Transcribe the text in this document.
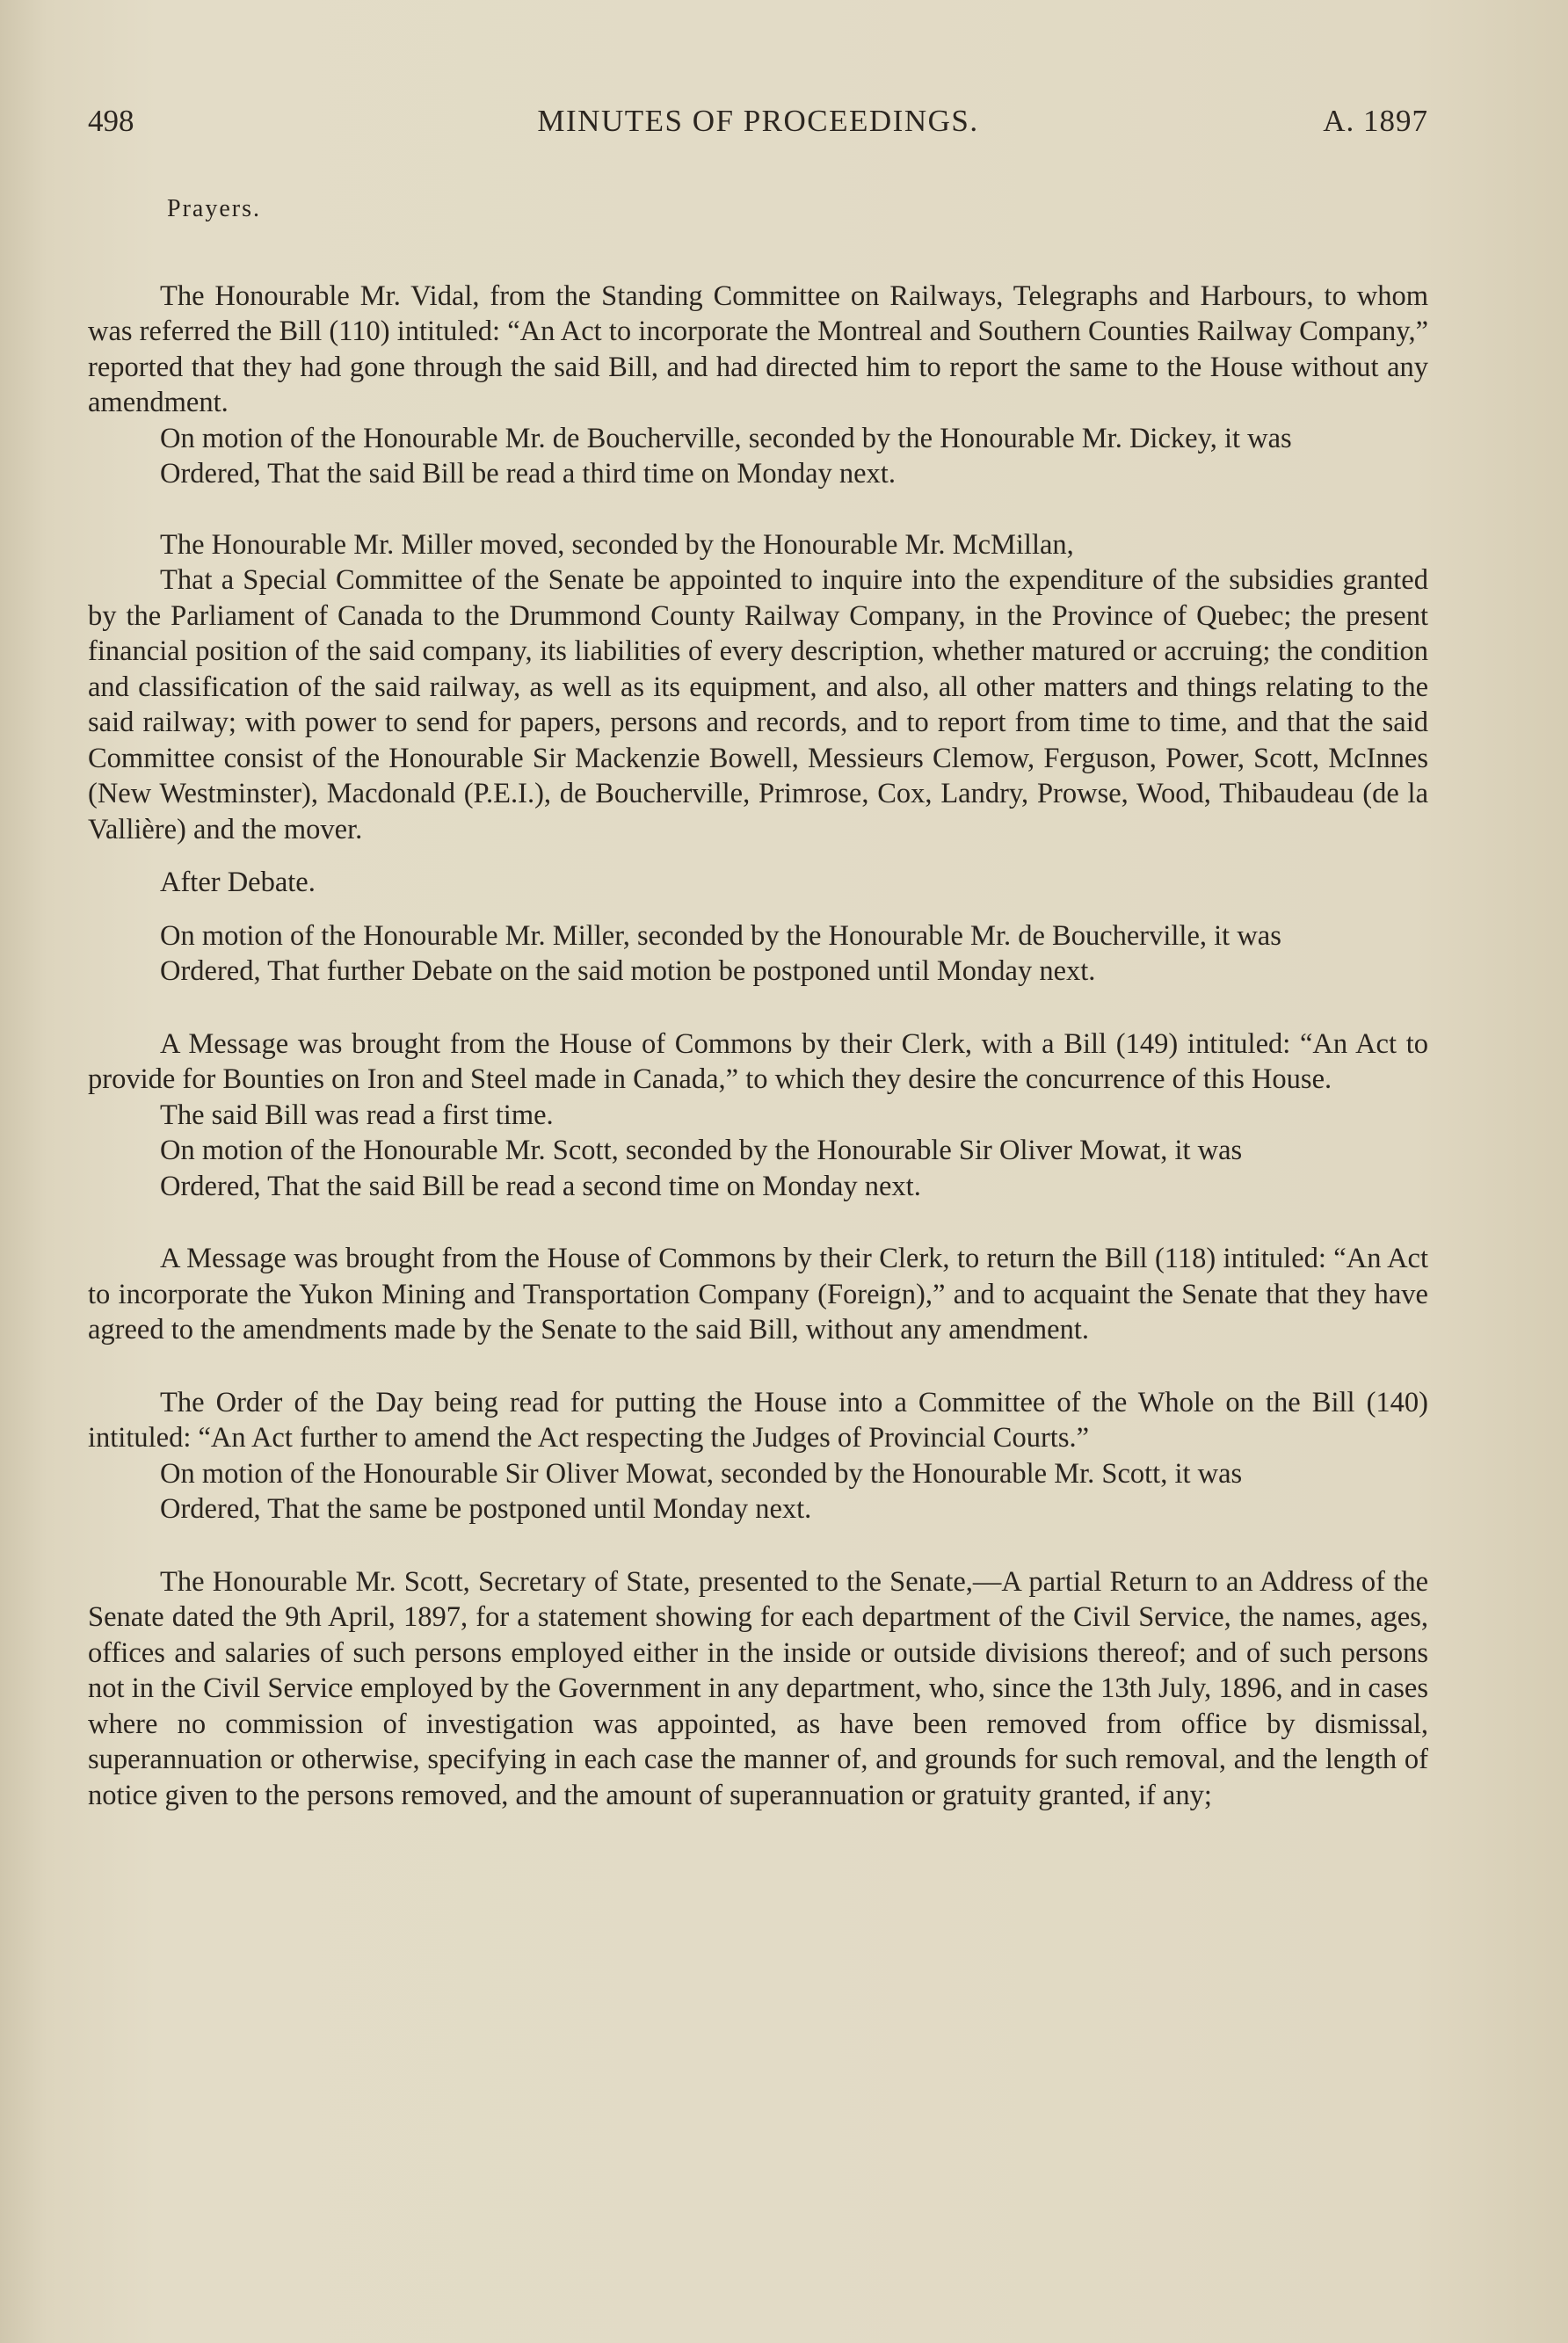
498	MINUTES OF PROCEEDINGS.	A. 1897

Prayers.

The Honourable Mr. Vidal, from the Standing Committee on Railways, Telegraphs and Harbours, to whom was referred the Bill (110) intituled: “An Act to incorporate the Montreal and Southern Counties Railway Company,” reported that they had gone through the said Bill, and had directed him to report the same to the House without any amendment.

On motion of the Honourable Mr. de Boucherville, seconded by the Honourable Mr. Dickey, it was

Ordered, That the said Bill be read a third time on Monday next.

The Honourable Mr. Miller moved, seconded by the Honourable Mr. McMillan,

That a Special Committee of the Senate be appointed to inquire into the expenditure of the subsidies granted by the Parliament of Canada to the Drummond County Railway Company, in the Province of Quebec; the present financial position of the said company, its liabilities of every description, whether matured or accruing; the condition and classification of the said railway, as well as its equipment, and also, all other matters and things relating to the said railway; with power to send for papers, persons and records, and to report from time to time, and that the said Committee consist of the Honourable Sir Mackenzie Bowell, Messieurs Clemow, Ferguson, Power, Scott, McInnes (New Westminster), Macdonald (P.E.I.), de Boucherville, Primrose, Cox, Landry, Prowse, Wood, Thibaudeau (de la Vallière) and the mover.

After Debate.

On motion of the Honourable Mr. Miller, seconded by the Honourable Mr. de Boucherville, it was

Ordered, That further Debate on the said motion be postponed until Monday next.

A Message was brought from the House of Commons by their Clerk, with a Bill (149) intituled: “An Act to provide for Bounties on Iron and Steel made in Canada,” to which they desire the concurrence of this House.

The said Bill was read a first time.

On motion of the Honourable Mr. Scott, seconded by the Honourable Sir Oliver Mowat, it was

Ordered, That the said Bill be read a second time on Monday next.

A Message was brought from the House of Commons by their Clerk, to return the Bill (118) intituled: “An Act to incorporate the Yukon Mining and Transportation Company (Foreign),” and to acquaint the Senate that they have agreed to the amendments made by the Senate to the said Bill, without any amendment.

The Order of the Day being read for putting the House into a Committee of the Whole on the Bill (140) intituled: “An Act further to amend the Act respecting the Judges of Provincial Courts.”

On motion of the Honourable Sir Oliver Mowat, seconded by the Honourable Mr. Scott, it was

Ordered, That the same be postponed until Monday next.

The Honourable Mr. Scott, Secretary of State, presented to the Senate,—A partial Return to an Address of the Senate dated the 9th April, 1897, for a statement showing for each department of the Civil Service, the names, ages, offices and salaries of such persons employed either in the inside or outside divisions thereof; and of such persons not in the Civil Service employed by the Government in any department, who, since the 13th July, 1896, and in cases where no commission of investigation was appointed, as have been removed from office by dismissal, superannuation or otherwise, specifying in each case the manner of, and grounds for such removal, and the length of notice given to the persons removed, and the amount of superannuation or gratuity granted, if any;
